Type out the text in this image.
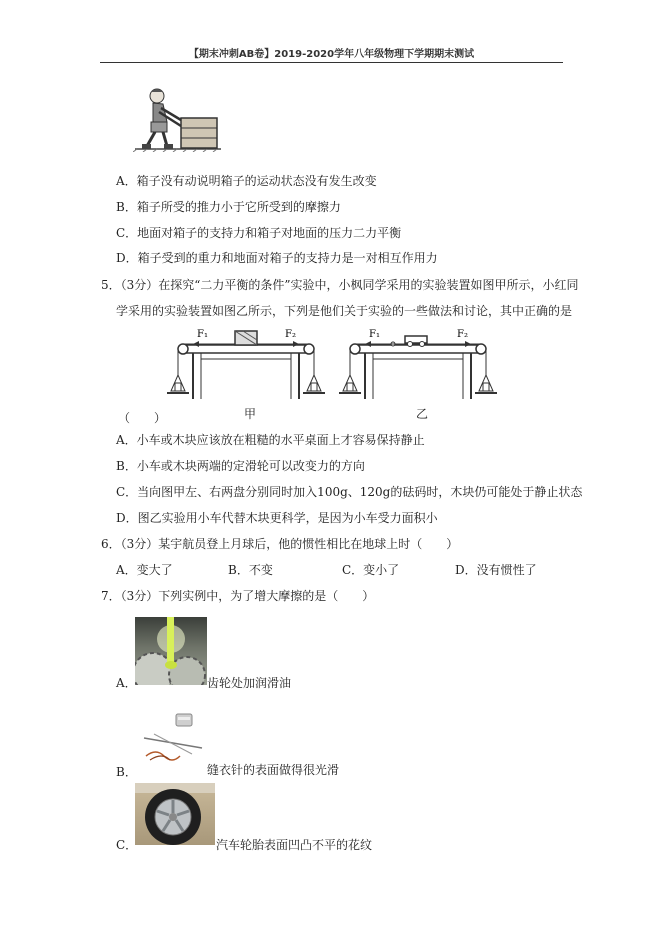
【期末冲刺AB卷】2019-2020学年八年级物理下学期期末测试
A．箱子没有动说明箱子的运动状态没有发生改变
B．箱子所受的推力小于它所受到的摩擦力
C．地面对箱子的支持力和箱子对地面的压力二力平衡
D．箱子受到的重力和地面对箱子的支持力是一对相互作用力
5．（3分）在探究“二力平衡的条件”实验中，小枫同学采用的实验装置如图甲所示，小红同
学采用的实验装置如图乙所示，下列是他们关于实验的一些做法和讨论，其中正确的是
F₁	F₂	F₁	F₂
（　　）	甲	乙
A．小车或木块应该放在粗糙的水平桌面上才容易保持静止
B．小车或木块两端的定滑轮可以改变力的方向
C．当向图甲左、右两盘分别同时加入100g、120g的砝码时，木块仍可能处于静止状态
D．图乙实验用小车代替木块更科学，是因为小车受力面积小
6．（3分）某宇航员登上月球后，他的惯性相比在地球上时（　　）
A．变大了	B．不变	C．变小了	D．没有惯性了
7．（3分）下列实例中，为了增大摩擦的是（　　）
A．	齿轮处加润滑油
B．	缝衣针的表面做得很光滑
C．	汽车轮胎表面凹凸不平的花纹
